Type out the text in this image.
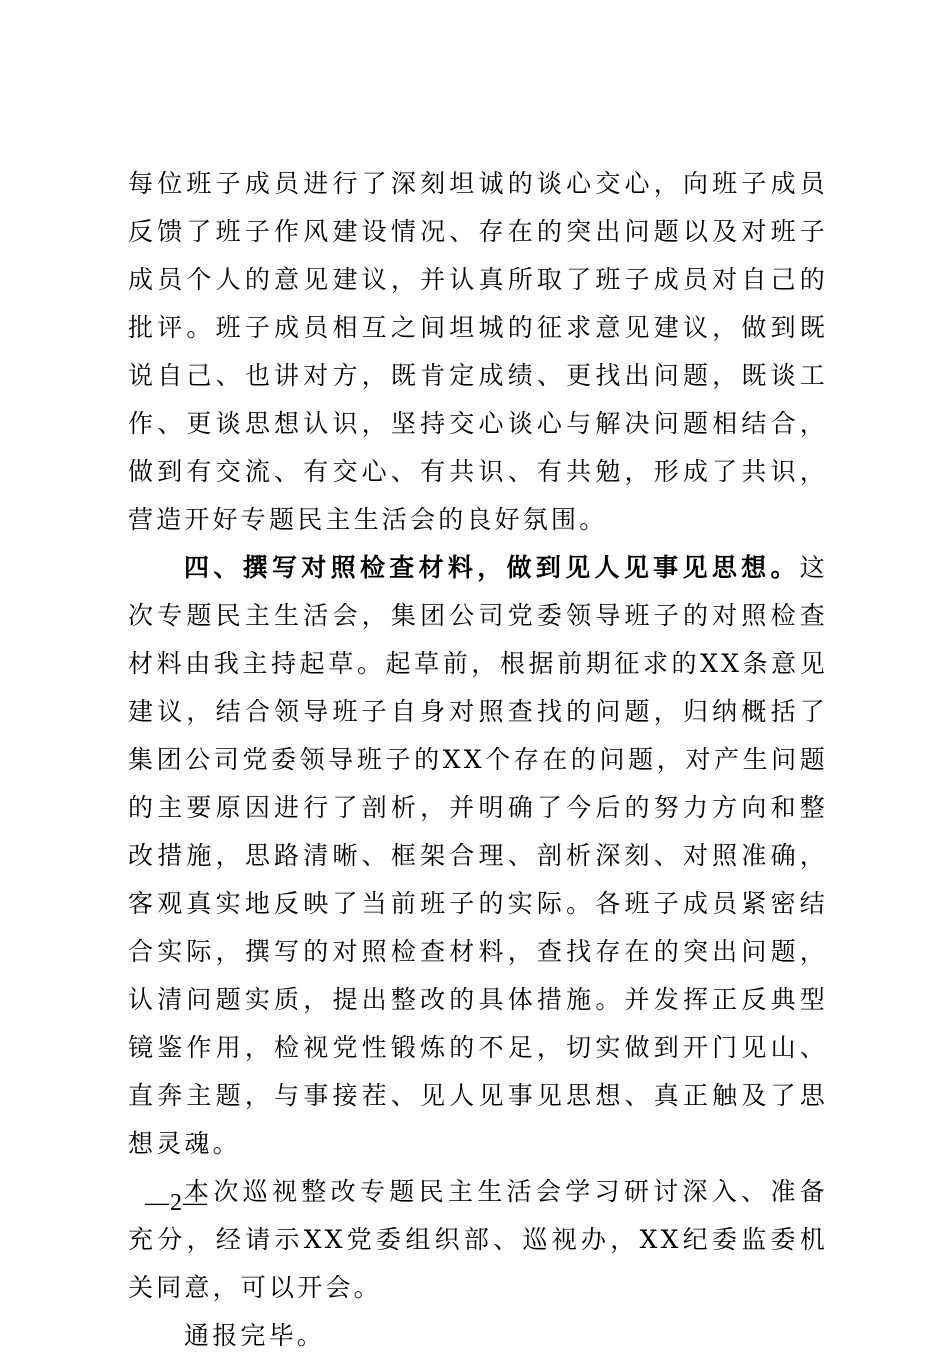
每位班子成员进行了深刻坦诚的谈心交心，向班子成员反馈了班子作风建设情况、存在的突出问题以及对班子成员个人的意见建议，并认真所取了班子成员对自己的批评。班子成员相互之间坦城的征求意见建议，做到既说自己、也讲对方，既肯定成绩、更找出问题，既谈工作、更谈思想认识，坚持交心谈心与解决问题相结合，做到有交流、有交心、有共识、有共勉，形成了共识，营造开好专题民主生活会的良好氛围。

四、撰写对照检查材料，做到见人见事见思想。这次专题民主生活会，集团公司党委领导班子的对照检查材料由我主持起草。起草前，根据前期征求的XX条意见建议，结合领导班子自身对照查找的问题，归纳概括了集团公司党委领导班子的XX个存在的问题，对产生问题的主要原因进行了剖析，并明确了今后的努力方向和整改措施，思路清晰、框架合理、剖析深刻、对照准确，客观真实地反映了当前班子的实际。各班子成员紧密结合实际，撰写的对照检查材料，查找存在的突出问题，认清问题实质，提出整改的具体措施。并发挥正反典型镜鉴作用，检视党性锻炼的不足，切实做到开门见山、直奔主题，与事接茬、见人见事见思想、真正触及了思想灵魂。

本次巡视整改专题民主生活会学习研讨深入、准备充分，经请示XX党委组织部、巡视办，XX纪委监委机关同意，可以开会。

通报完毕。

—2—
